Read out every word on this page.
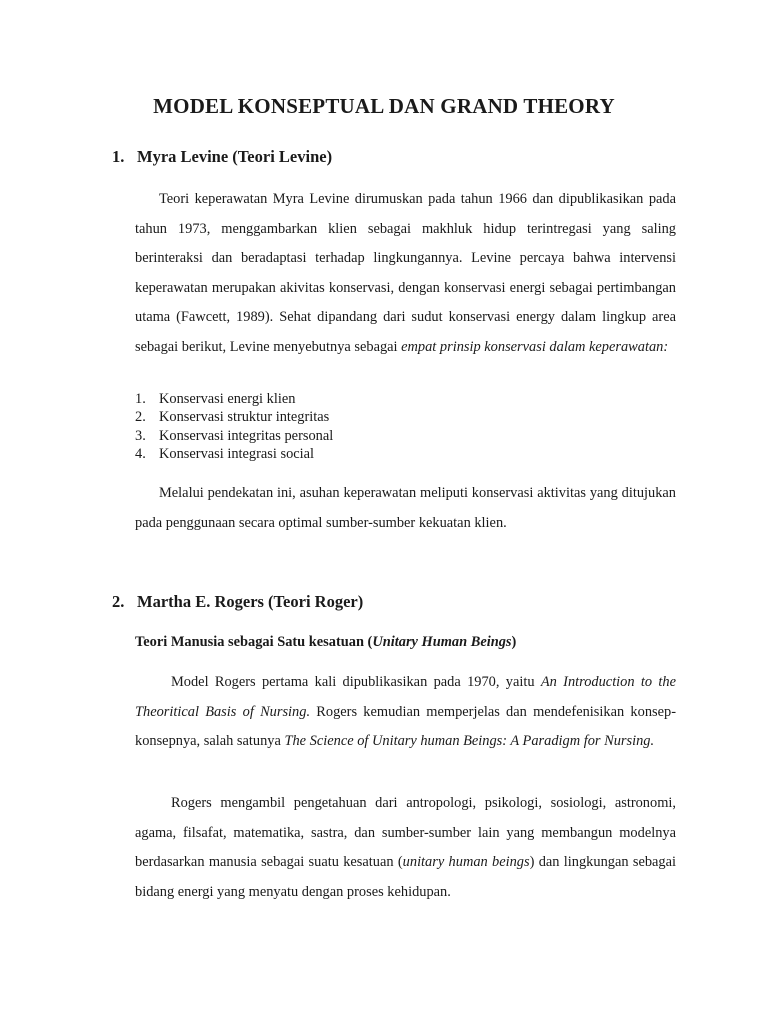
MODEL KONSEPTUAL DAN GRAND THEORY
1. Myra Levine (Teori Levine)
Teori keperawatan Myra Levine dirumuskan pada tahun 1966 dan dipublikasikan pada tahun 1973, menggambarkan klien sebagai makhluk hidup terintregasi yang saling berinteraksi dan beradaptasi terhadap lingkungannya. Levine percaya bahwa intervensi keperawatan merupakan akivitas konservasi, dengan konservasi energi sebagai pertimbangan utama (Fawcett, 1989). Sehat dipandang dari sudut konservasi energy dalam lingkup area sebagai berikut, Levine menyebutnya sebagai empat prinsip konservasi dalam keperawatan:
1. Konservasi energi klien
2. Konservasi struktur integritas
3. Konservasi integritas personal
4. Konservasi integrasi social
Melalui pendekatan ini, asuhan keperawatan meliputi konservasi aktivitas yang ditujukan pada penggunaan secara optimal sumber-sumber kekuatan klien.
2. Martha E. Rogers (Teori Roger)
Teori Manusia sebagai Satu kesatuan (Unitary Human Beings)
Model Rogers pertama kali dipublikasikan pada 1970, yaitu An Introduction to the Theoritical Basis of Nursing. Rogers kemudian memperjelas dan mendefenisikan konsep-konsepnya, salah satunya The Science of Unitary human Beings: A Paradigm for Nursing.
Rogers mengambil pengetahuan dari antropologi, psikologi, sosiologi, astronomi, agama, filsafat, matematika, sastra, dan sumber-sumber lain yang membangun modelnya berdasarkan manusia sebagai suatu kesatuan (unitary human beings) dan lingkungan sebagai bidang energi yang menyatu dengan proses kehidupan.
